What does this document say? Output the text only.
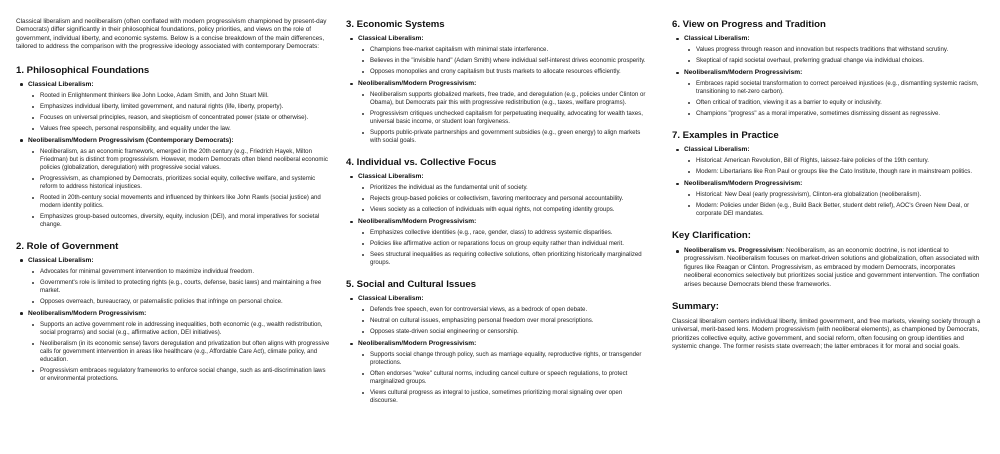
Classical liberalism and neoliberalism (often conflated with modern progressivism championed by present-day Democrats) differ significantly in their philosophical foundations, policy priorities, and views on the role of government, individual liberty, and economic systems. Below is a concise breakdown of the main differences, tailored to address the comparison with the progressive ideology associated with contemporary Democrats:

1. Philosophical Foundations
Classical Liberalism:
Rooted in Enlightenment thinkers like John Locke, Adam Smith, and John Stuart Mill.
Emphasizes individual liberty, limited government, and natural rights (life, liberty, property).
Focuses on universal principles, reason, and skepticism of concentrated power (state or otherwise).
Values free speech, personal responsibility, and equality under the law.
Neoliberalism/Modern Progressivism (Contemporary Democrats):
Neoliberalism, as an economic framework, emerged in the 20th century (e.g., Friedrich Hayek, Milton Friedman) but is distinct from progressivism. However, modern Democrats often blend neoliberal economic policies (globalization, deregulation) with progressive social values.
Progressivism, as championed by Democrats, prioritizes social equity, collective welfare, and systemic reform to address historical injustices.
Rooted in 20th-century social movements and influenced by thinkers like John Rawls (social justice) and modern identity politics.
Emphasizes group-based outcomes, diversity, equity, inclusion (DEI), and moral imperatives for societal change.
2. Role of Government
Classical Liberalism:
Advocates for minimal government intervention to maximize individual freedom.
Government's role is limited to protecting rights (e.g., courts, defense, basic laws) and maintaining a free market.
Opposes overreach, bureaucracy, or paternalistic policies that infringe on personal choice.
Neoliberalism/Modern Progressivism:
Supports an active government role in addressing inequalities, both economic (e.g., wealth redistribution, social programs) and social (e.g., affirmative action, DEI initiatives).
Neoliberalism (in its economic sense) favors deregulation and privatization but often aligns with progressive calls for government intervention in areas like healthcare (e.g., Affordable Care Act), climate policy, and education.
Progressivism embraces regulatory frameworks to enforce social change, such as anti-discrimination laws or environmental protections.
3. Economic Systems
Classical Liberalism:
Champions free-market capitalism with minimal state interference.
Believes in the "invisible hand" (Adam Smith) where individual self-interest drives economic prosperity.
Opposes monopolies and crony capitalism but trusts markets to allocate resources efficiently.
Neoliberalism/Modern Progressivism:
Neoliberalism supports globalized markets, free trade, and deregulation (e.g., policies under Clinton or Obama), but Democrats pair this with progressive redistribution (e.g., taxes, welfare programs).
Progressivism critiques unchecked capitalism for perpetuating inequality, advocating for wealth taxes, universal basic income, or student loan forgiveness.
Supports public-private partnerships and government subsidies (e.g., green energy) to align markets with social goals.
4. Individual vs. Collective Focus
Classical Liberalism:
Prioritizes the individual as the fundamental unit of society.
Rejects group-based policies or collectivism, favoring meritocracy and personal accountability.
Views society as a collection of individuals with equal rights, not competing identity groups.
Neoliberalism/Modern Progressivism:
Emphasizes collective identities (e.g., race, gender, class) to address systemic disparities.
Policies like affirmative action or reparations focus on group equity rather than individual merit.
Sees structural inequalities as requiring collective solutions, often prioritizing historically marginalized groups.
5. Social and Cultural Issues
Classical Liberalism:
Defends free speech, even for controversial views, as a bedrock of open debate.
Neutral on cultural issues, emphasizing personal freedom over moral prescriptions.
Opposes state-driven social engineering or censorship.
Neoliberalism/Modern Progressivism:
Supports social change through policy, such as marriage equality, reproductive rights, or transgender protections.
Often endorses "woke" cultural norms, including cancel culture or speech regulations, to protect marginalized groups.
Views cultural progress as integral to justice, sometimes prioritizing moral signaling over open discourse.
6. View on Progress and Tradition
Classical Liberalism:
Values progress through reason and innovation but respects traditions that withstand scrutiny.
Skeptical of rapid societal overhaul, preferring gradual change via individual choices.
Neoliberalism/Modern Progressivism:
Embraces rapid societal transformation to correct perceived injustices (e.g., dismantling systemic racism, transitioning to net-zero carbon).
Often critical of tradition, viewing it as a barrier to equity or inclusivity.
Champions "progress" as a moral imperative, sometimes dismissing dissent as regressive.
7. Examples in Practice
Classical Liberalism:
Historical: American Revolution, Bill of Rights, laissez-faire policies of the 19th century.
Modern: Libertarians like Ron Paul or groups like the Cato Institute, though rare in mainstream politics.
Neoliberalism/Modern Progressivism:
Historical: New Deal (early progressivism), Clinton-era globalization (neoliberalism).
Modern: Policies under Biden (e.g., Build Back Better, student debt relief), AOC's Green New Deal, or corporate DEI mandates.
Key Clarification:
Neoliberalism vs. Progressivism: Neoliberalism, as an economic doctrine, is not identical to progressivism. Neoliberalism focuses on market-driven solutions and globalization, often associated with figures like Reagan or Clinton. Progressivism, as embraced by modern Democrats, incorporates neoliberal economics selectively but prioritizes social justice and government intervention. The conflation arises because Democrats blend these frameworks.
Summary:

Classical liberalism centers individual liberty, limited government, and free markets, viewing society through a universal, merit-based lens. Modern progressivism (with neoliberal elements), as championed by Democrats, prioritizes collective equity, active government, and social reform, often focusing on group identities and systemic change. The former resists state overreach; the latter embraces it for moral and social goals.
